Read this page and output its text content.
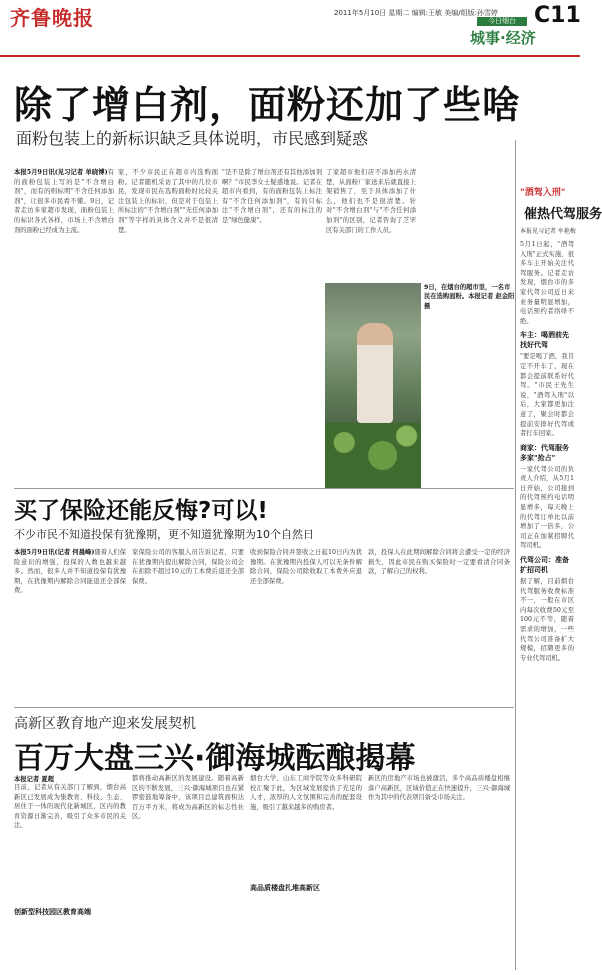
齐鲁晚报	2011年5月10日 星期二 编辑:王敏 美编/组版:孙雪婷
今日烟台
城事·经济
C11
除了增白剂，面粉还加了些啥
面粉包装上的新标识缺乏具体说明，市民感到疑惑
本报5月9日讯(见习记者 单晓博)有的面粉包装上写的是"不含增白剂"，而有的则标明"不含任何添加剂"，让很多市民看不懂。9日，记者走访多家超市发现，面粉包装上的标识各式各样，市场上不含增白剂的面粉已经成为主流。
家，不少市民正在超市内选购面粉。记者随机采访了其中的几位市民，发现市民在选购面粉时比较关注包装上的标识，但是对于包装上所标注的"不含增白剂""无任何添加剂"等字样的具体含义并不是很清楚。
"是不是除了增白剂还有其他添加剂啊？"市民李女士疑惑地说。记者在超市内看到，有的面粉包装上标注有"不含任何添加剂"，有的只标注"不含增白剂"，还有的标注的是"绿色健康"。
了家超市他们店不添加药水清楚，从面粉厂家送来后就直接上架销售了，至于具体添加了什么，他们也不是很清楚。针对"不含增白剂"与"不含任何添加剂"的区别，记者咨询了芝罘区有关部门的工作人员。
9日，在烟台的超市里，一名市民在选购面粉。本报记者 赵金阳 摄
买了保险还能反悔?可以!
不少市民不知道投保有犹豫期，更不知道犹豫期为10个自然日
本报5月9日讯(记者 何晨峰)随着人们保险意识的增强，投保的人数也越来越多。然而，很多人并不知道投保有犹豫期，在犹豫期内解除合同能退还全部保费。
家保险公司的客服人员告诉记者，只要在犹豫期内提出解除合同，保险公司会在扣除不超过10元的工本费后退还全部保费。
收到保险合同并签收之日起10日内为犹豫期。在犹豫期内投保人可以无条件解除合同，保险公司除收取工本费外应退还全部保费。
款，投保人在此期间解除合同将会遭受一定的经济损失，因此市民在购买保险时一定要看清合同条款，了解自己的权利。
高新区教育地产迎来发展契机
百万大盘三兴·御海城酝酿揭幕
本报记者 夏超
目前，记者从有关部门了解到，烟台高新区已发展成为集教育、科技、生态、居住于一体的现代化新城区，区内的教育资源日渐完善，吸引了众多市民的关注。
创新型科技园区教育高端
都将推动高新区的发展建设。随着高新区的不断发展，三兴·御海城项目也在紧锣密鼓地筹备中，该项目总建筑面积达百万平方米，将成为高新区的标志性社区。
烟台大学、山东工商学院等众多科研院校汇聚于此，为区域发展提供了充足的人才，浓厚的人文氛围和完善的配套设施，吸引了越来越多的购房者。
高品质楼盘扎堆高新区
新区的房地产市场也被激活，多个高品质楼盘相继落户高新区，区域价值正在快速提升，三兴·御海城作为其中的代表项目备受市场关注。
"酒驾入刑"
催热代驾服务
本报见习记者 牟艳梅
5月1日起，"酒驾入刑"正式实施，很多车主开始关注代驾服务。记者走访发现，烟台市的多家代驾公司近日来业务量明显增加，电话预约者络绎不绝。
车主：喝酒前先找好代驾
"要是喝了酒，我肯定不开车了，现在都会提前联系好代驾。"市民王先生说，"酒驾入刑"以后，大家都更加注意了，聚会时都会提前安排好代驾或者打车回家。
商家：代驾服务多家"抢占"
一家代驾公司的负责人介绍，从5月1日开始，公司接到的代驾预约电话明显增多，每天晚上的代驾订单比以前增加了一倍多，公司正在加紧招聘代驾司机。
代驾公司：准备扩招司机
据了解，目前烟台代驾服务收费标准不一，一般在市区内每次收费50元至100元不等，随着需求的增加，一些代驾公司准备扩大规模，招聘更多的专业代驾司机。
